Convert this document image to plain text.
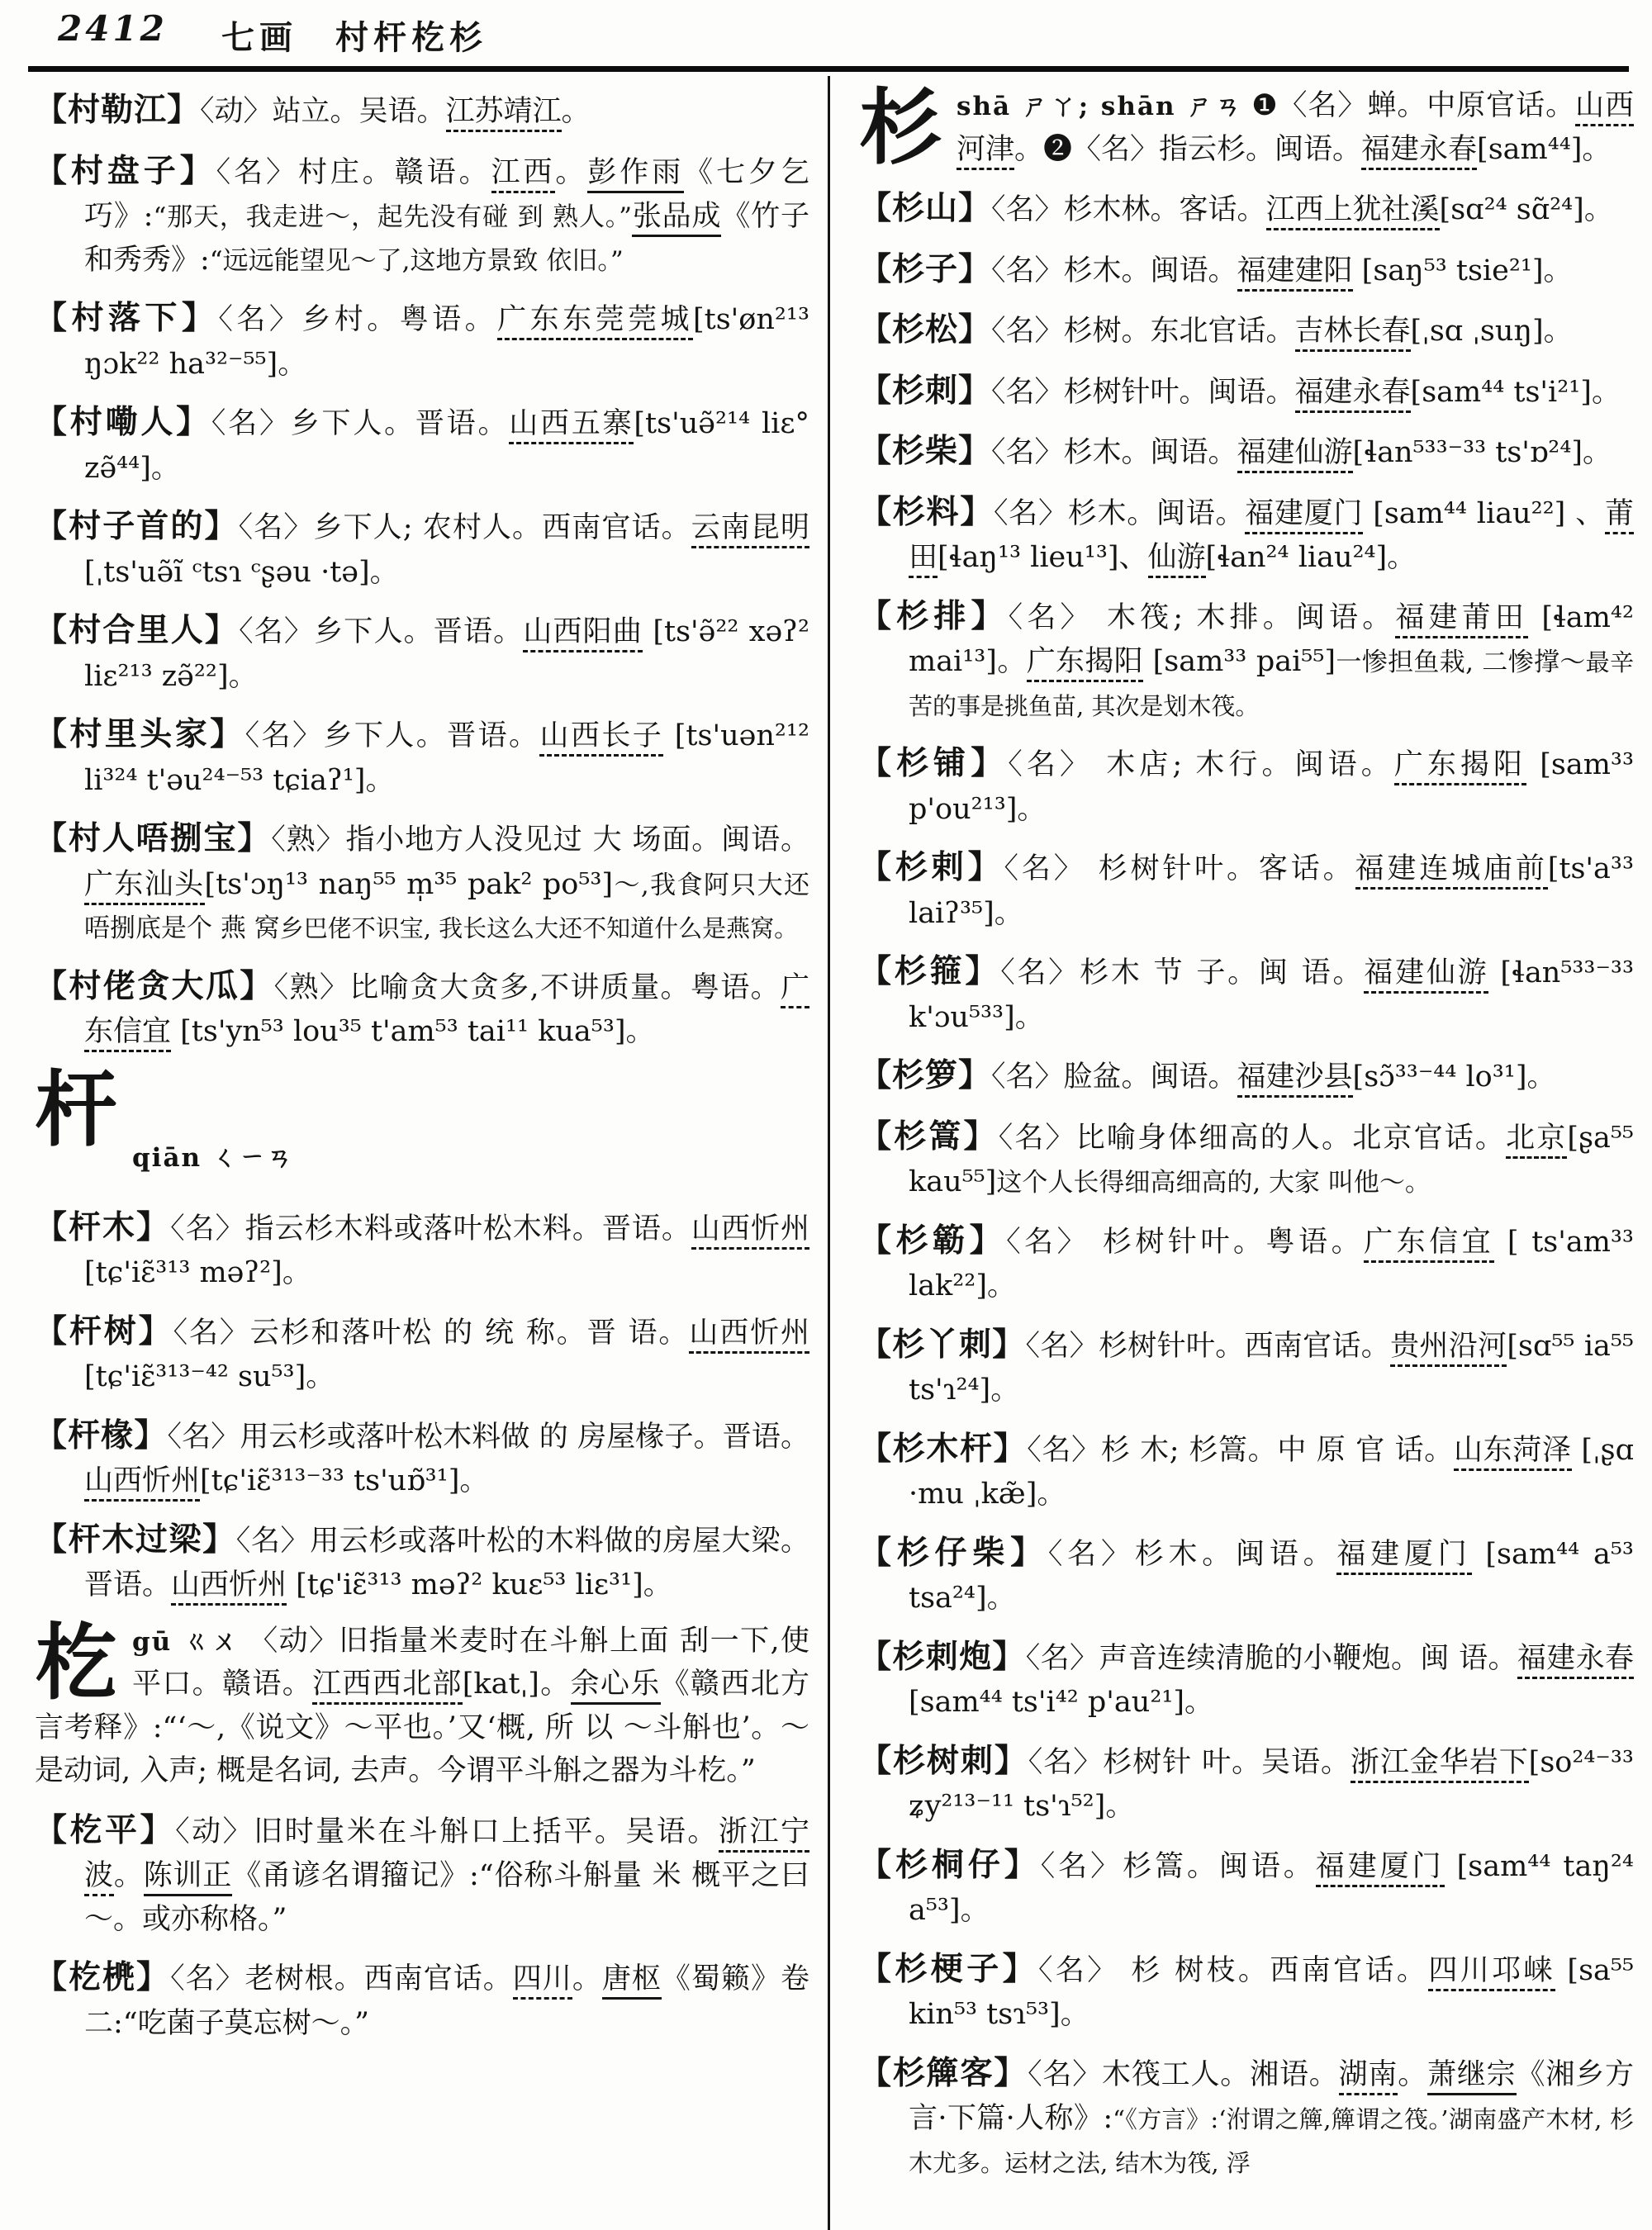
2412 七画  村杆杚杉
【村勒江】〈动〉站立。吴语。江苏靖江。
【村盘子】〈名〉村庄。赣语。江西。彭作雨《七夕乞巧》:“那天，我走进～，起先没有碰 到 熟人。”张品成《竹子和秀秀》:“远远能望见～了,这地方景致 依旧。”
【村落下】〈名〉乡村。粤语。广东东莞莞城[ts'øn²¹³ ŋɔk²² ha³²⁻⁵⁵]。
【村嘞人】〈名〉乡下人。晋语。山西五寨[ts'uə̃²¹⁴ liɛ° zə̃⁴⁴]。
【村子首的】〈名〉乡下人; 农村人。西南官话。云南昆明 [ˌts'uə̃ĩ ᶜtsɿ ᶜʂəu ·tə]。
【村合里人】〈名〉乡下人。晋语。山西阳曲 [ts'ə̃²² xəʔ² liɛ²¹³ zə̃²²]。
【村里头家】〈名〉乡下人。晋语。山西长子 [ts'uən²¹² li³²⁴ t'əu²⁴⁻⁵³ tɕiaʔ¹]。
【村人唔捌宝】〈熟〉指小地方人没见过 大 场面。闽语。广东汕头[ts'ɔŋ¹³ naŋ⁵⁵ m̩³⁵ pak² po⁵³]～,我食阿只大还唔捌底是个 燕 窝乡巴佬不识宝, 我长这么大还不知道什么是燕窝。
【村佬贪大瓜】〈熟〉比喻贪大贪多,不讲质量。粤语。广东信宜 [ts'yn⁵³ lou³⁵ t'am⁵³ tai¹¹ kua⁵³]。
杆 qiān ㄑㄧㄢ
【杆木】〈名〉指云杉木料或落叶松木料。晋语。山西忻州[tɕ'iɛ̃³¹³ məʔ²]。
【杆树】〈名〉云杉和落叶松 的 统 称。晋 语。山西忻州 [tɕ'iɛ̃³¹³⁻⁴² su⁵³]。
【杆椽】〈名〉用云杉或落叶松木料做 的 房屋椽子。晋语。山西忻州[tɕ'iɛ̃³¹³⁻³³ ts'uɒ̃³¹]。
【杆木过梁】〈名〉用云杉或落叶松的木料做的房屋大梁。晋语。山西忻州 [tɕ'iɛ̃³¹³ məʔ² kuɛ⁵³ liɛ³¹]。
杚gū ㄍㄨ 〈动〉旧指量米麦时在斗斛上面 刮一下,使平口。赣语。江西西北部[katˌ]。余心乐《赣西北方言考释》:“‘～,《说文》～平也。’又‘概, 所 以 ～斗斛也’。～是动词, 入声; 概是名词, 去声。今谓平斗斛之器为斗杚。”
【杚平】〈动〉旧时量米在斗斛口上括平。吴语。浙江宁波。陈训正《甬谚名谓籀记》:“俗称斗斛量 米 概平之曰～。或亦称格。”
【杚橷】〈名〉老树根。西南官话。四川。唐枢《蜀籁》卷二:“吃菌子莫忘树～。”
杉shā ㄕㄚ; shān ㄕㄢ ❶〈名〉蝉。中原官话。山西河津。❷〈名〉指云杉。闽语。福建永春[sam⁴⁴]。
【杉山】〈名〉杉木林。客话。江西上犹社溪[sɑ²⁴ sɑ̃²⁴]。
【杉子】〈名〉杉木。闽语。福建建阳 [saŋ⁵³ tsie²¹]。
【杉松】〈名〉杉树。东北官话。吉林长春[ˌsɑ ˌsuŋ]。
【杉刺】〈名〉杉树针叶。闽语。福建永春[sam⁴⁴ ts'i²¹]。
【杉柴】〈名〉杉木。闽语。福建仙游[ɬan⁵³³⁻³³ ts'ɒ²⁴]。
【杉料】〈名〉杉木。闽语。福建厦门 [sam⁴⁴ liau²²] 、莆田[ɬaŋ¹³ lieu¹³]、仙游[ɬan²⁴ liau²⁴]。
【杉排】〈名〉 木筏; 木排。闽语。福建莆田 [ɬam⁴² mai¹³]。广东揭阳 [sam³³ pai⁵⁵]一惨担鱼栽, 二惨撑～最辛苦的事是挑鱼苗, 其次是划木筏。
【杉铺】〈名〉 木店; 木行。闽语。广东揭阳 [sam³³ p'ou²¹³]。
【杉剌】〈名〉 杉树针叶。客话。福建连城庙前[ts'a³³ laiʔ³⁵]。
【杉箍】〈名〉杉木 节 子。闽 语。福建仙游 [ɬan⁵³³⁻³³ k'ɔu⁵³³]。
【杉箩】〈名〉脸盆。闽语。福建沙县[sɔ̃³³⁻⁴⁴ lo³¹]。
【杉篙】〈名〉比喻身体细高的人。北京官话。北京[ʂa⁵⁵ kau⁵⁵]这个人长得细高细高的, 大家 叫他～。
【杉簕】〈名〉 杉树针叶。粤语。广东信宜 [ ts'am³³ lak²²]。
【杉丫刺】〈名〉杉树针叶。西南官话。贵州沿河[sɑ⁵⁵ ia⁵⁵ ts'ɿ²⁴]。
【杉木杆】〈名〉杉 木; 杉篙。中 原 官 话。山东菏泽 [ˌʂɑ ·mu ˌkæ̃]。
【杉仔柴】〈名〉杉木。闽语。福建厦门 [sam⁴⁴ a⁵³ tsa²⁴]。
【杉刺炮】〈名〉声音连续清脆的小鞭炮。闽 语。福建永春[sam⁴⁴ ts'i⁴² p'au²¹]。
【杉树刺】〈名〉杉树针 叶。吴语。浙江金华岩下[so²⁴⁻³³ ʑy²¹³⁻¹¹ ts'ɿ⁵²]。
【杉桐仔】〈名〉杉篙。闽语。福建厦门 [sam⁴⁴ taŋ²⁴ a⁵³]。
【杉梗子】〈名〉 杉 树枝。西南官话。四川邛崃 [sa⁵⁵ kin⁵³ tsɿ⁵³]。
【杉簰客】〈名〉木筏工人。湘语。湖南。萧继宗《湘乡方言·下篇·人称》:“《方言》:‘泭谓之簰,簰谓之筏。’湖南盛产木材, 杉木尤多。运材之法, 结木为筏, 浮
